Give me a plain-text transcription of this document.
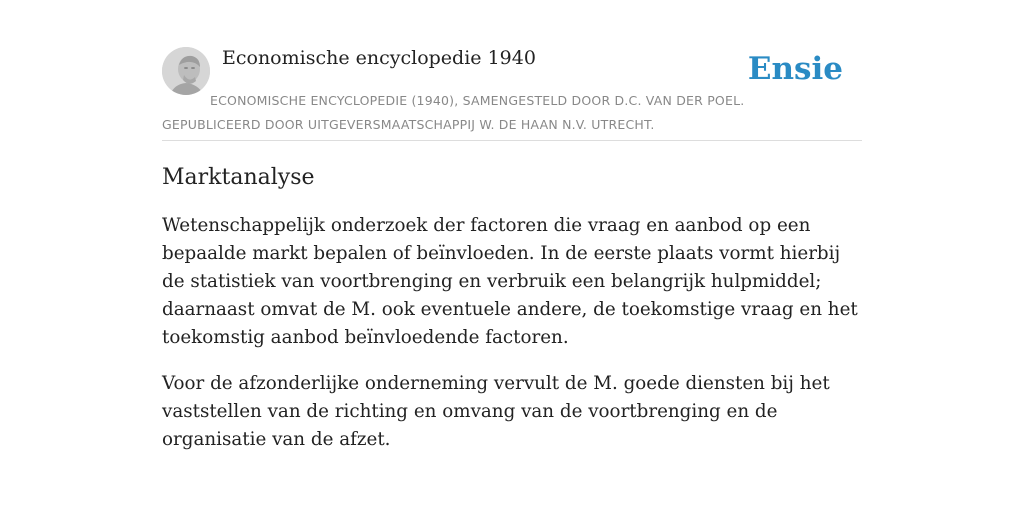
Economische encyclopedie 1940	Ensie
ECONOMISCHE ENCYCLOPEDIE (1940), SAMENGESTELD DOOR D.C. VAN DER POEL. GEPUBLICEERD DOOR UITGEVERSMAATSCHAPPIJ W. DE HAAN N.V. UTRECHT.
Marktanalyse

Wetenschappelijk onderzoek der factoren die vraag en aanbod op een bepaalde markt bepalen of beïnvloeden. In de eerste plaats vormt hierbij de statistiek van voortbrenging en verbruik een belangrijk hulpmiddel; daarnaast omvat de M. ook eventuele andere, de toekomstige vraag en het toekomstig aanbod beïnvloedende factoren.

Voor de afzonderlijke onderneming vervult de M. goede diensten bij het vaststellen van de richting en omvang van de voortbrenging en de organisatie van de afzet.
